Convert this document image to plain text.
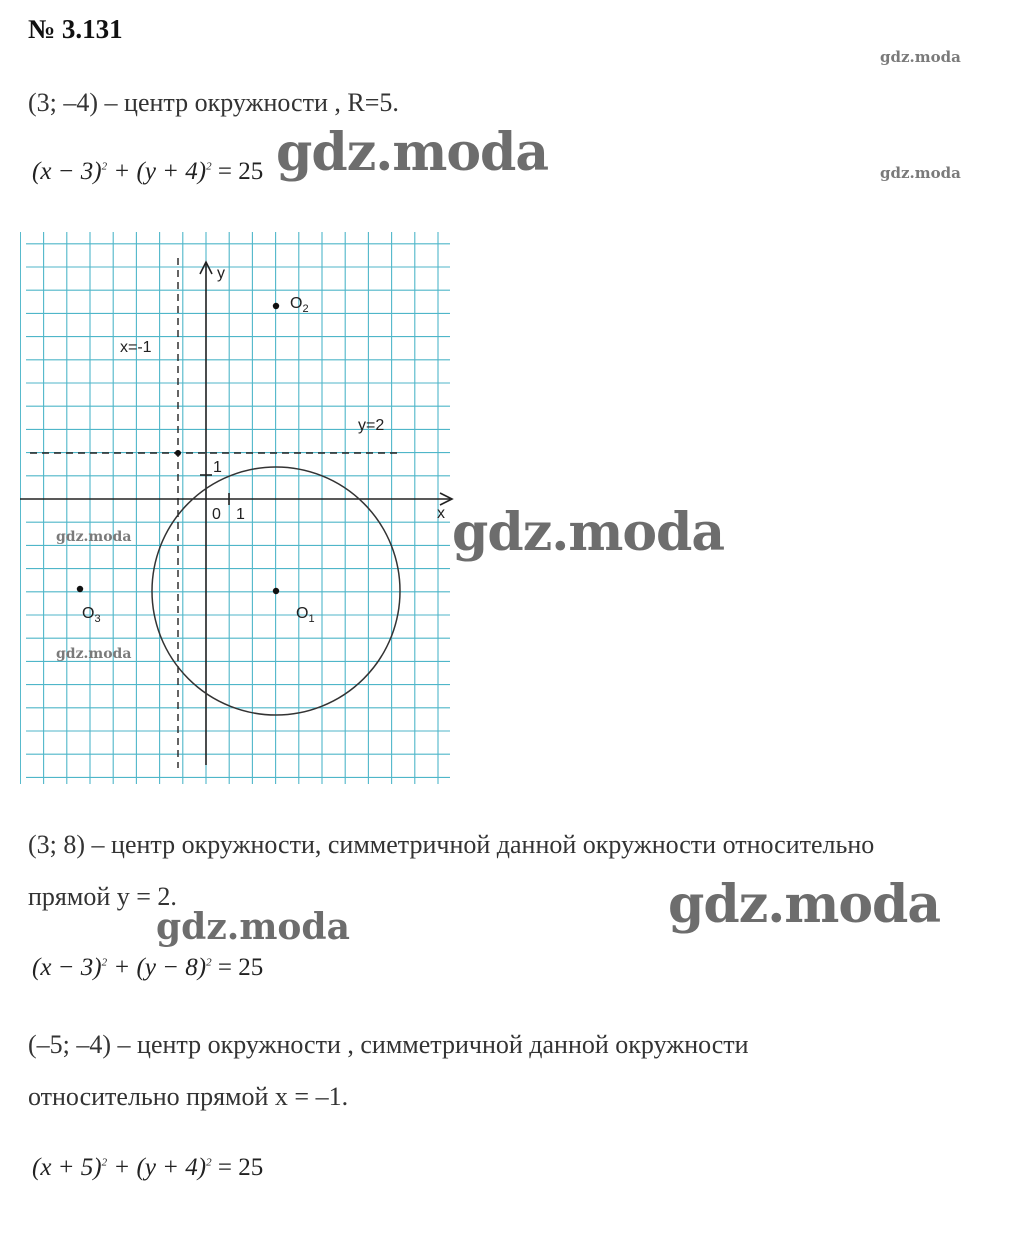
№ 3.131
gdz.moda
(3; –4) – центр окружности , R=5.
$(x - 3)^2 + (y + 4)^2 = 25$ gdz.moda	gdz.moda
y
x
x=-1
y=2
0 1
1
$O_2$
$O_1$
$O_3$
gdz.moda
gdz.moda
gdz.moda
(3; 8) – центр окружности, симметричной данной окружности относительно
прямой y = 2.
gdz.moda	gdz.moda
$(x - 3)^2 + (y - 8)^2 = 25$
(–5; –4) – центр окружности , симметричной данной окружности
относительно прямой x = –1.
$(x + 5)^2 + (y + 4)^2 = 25$
